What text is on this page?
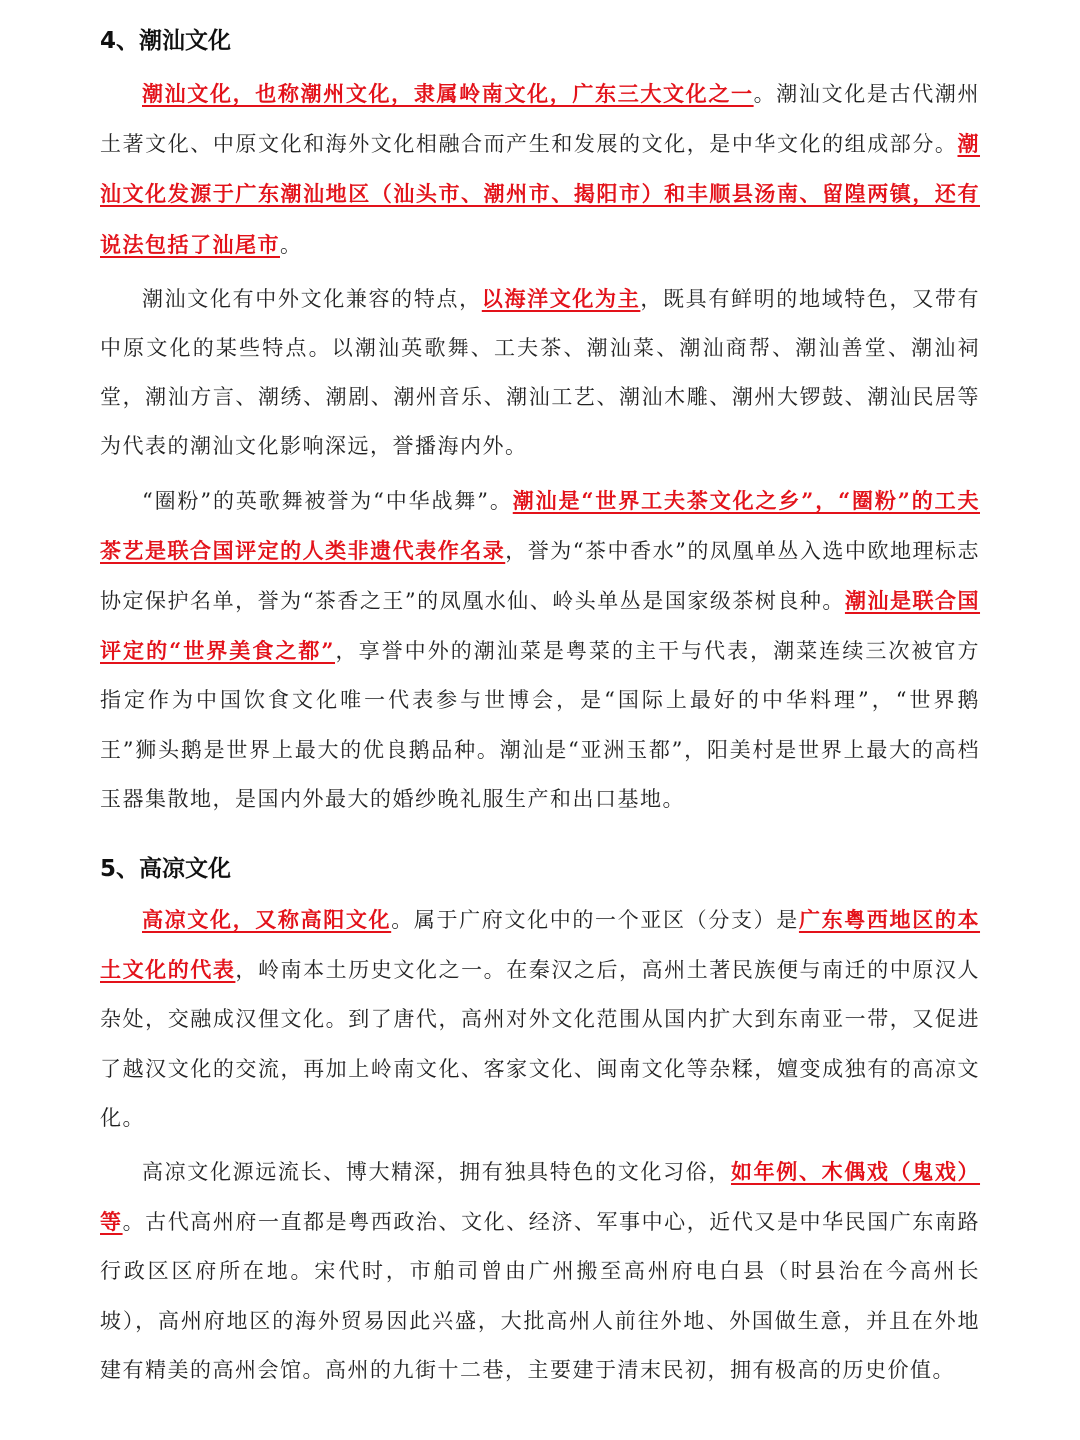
4、潮汕文化

潮汕文化，也称潮州文化，隶属岭南文化，广东三大文化之一。潮汕文化是古代潮州土著文化、中原文化和海外文化相融合而产生和发展的文化，是中华文化的组成部分。潮汕文化发源于广东潮汕地区（汕头市、潮州市、揭阳市）和丰顺县汤南、留隍两镇，还有说法包括了汕尾市。

潮汕文化有中外文化兼容的特点，以海洋文化为主，既具有鲜明的地域特色，又带有中原文化的某些特点。以潮汕英歌舞、工夫茶、潮汕菜、潮汕商帮、潮汕善堂、潮汕祠堂，潮汕方言、潮绣、潮剧、潮州音乐、潮汕工艺、潮汕木雕、潮州大锣鼓、潮汕民居等为代表的潮汕文化影响深远，誉播海内外。

“圈粉”的英歌舞被誉为“中华战舞”。潮汕是“世界工夫茶文化之乡”，“圈粉”的工夫茶艺是联合国评定的人类非遗代表作名录，誉为“茶中香水”的凤凰单丛入选中欧地理标志协定保护名单，誉为“茶香之王”的凤凰水仙、岭头单丛是国家级茶树良种。潮汕是联合国评定的“世界美食之都”，享誉中外的潮汕菜是粤菜的主干与代表，潮菜连续三次被官方指定作为中国饮食文化唯一代表参与世博会，是“国际上最好的中华料理”，“世界鹅王”狮头鹅是世界上最大的优良鹅品种。潮汕是“亚洲玉都”，阳美村是世界上最大的高档玉器集散地，是国内外最大的婚纱晚礼服生产和出口基地。

5、高凉文化

高凉文化，又称高阳文化。属于广府文化中的一个亚区（分支）是广东粤西地区的本土文化的代表，岭南本土历史文化之一。在秦汉之后，高州土著民族便与南迁的中原汉人杂处，交融成汉俚文化。到了唐代，高州对外文化范围从国内扩大到东南亚一带，又促进了越汉文化的交流，再加上岭南文化、客家文化、闽南文化等杂糅，嬗变成独有的高凉文化。

高凉文化源远流长、博大精深，拥有独具特色的文化习俗，如年例、木偶戏（鬼戏）等。古代高州府一直都是粤西政治、文化、经济、军事中心，近代又是中华民国广东南路行政区区府所在地。宋代时，市舶司曾由广州搬至高州府电白县（时县治在今高州长坡），高州府地区的海外贸易因此兴盛，大批高州人前往外地、外国做生意，并且在外地建有精美的高州会馆。高州的九街十二巷，主要建于清末民初，拥有极高的历史价值。
